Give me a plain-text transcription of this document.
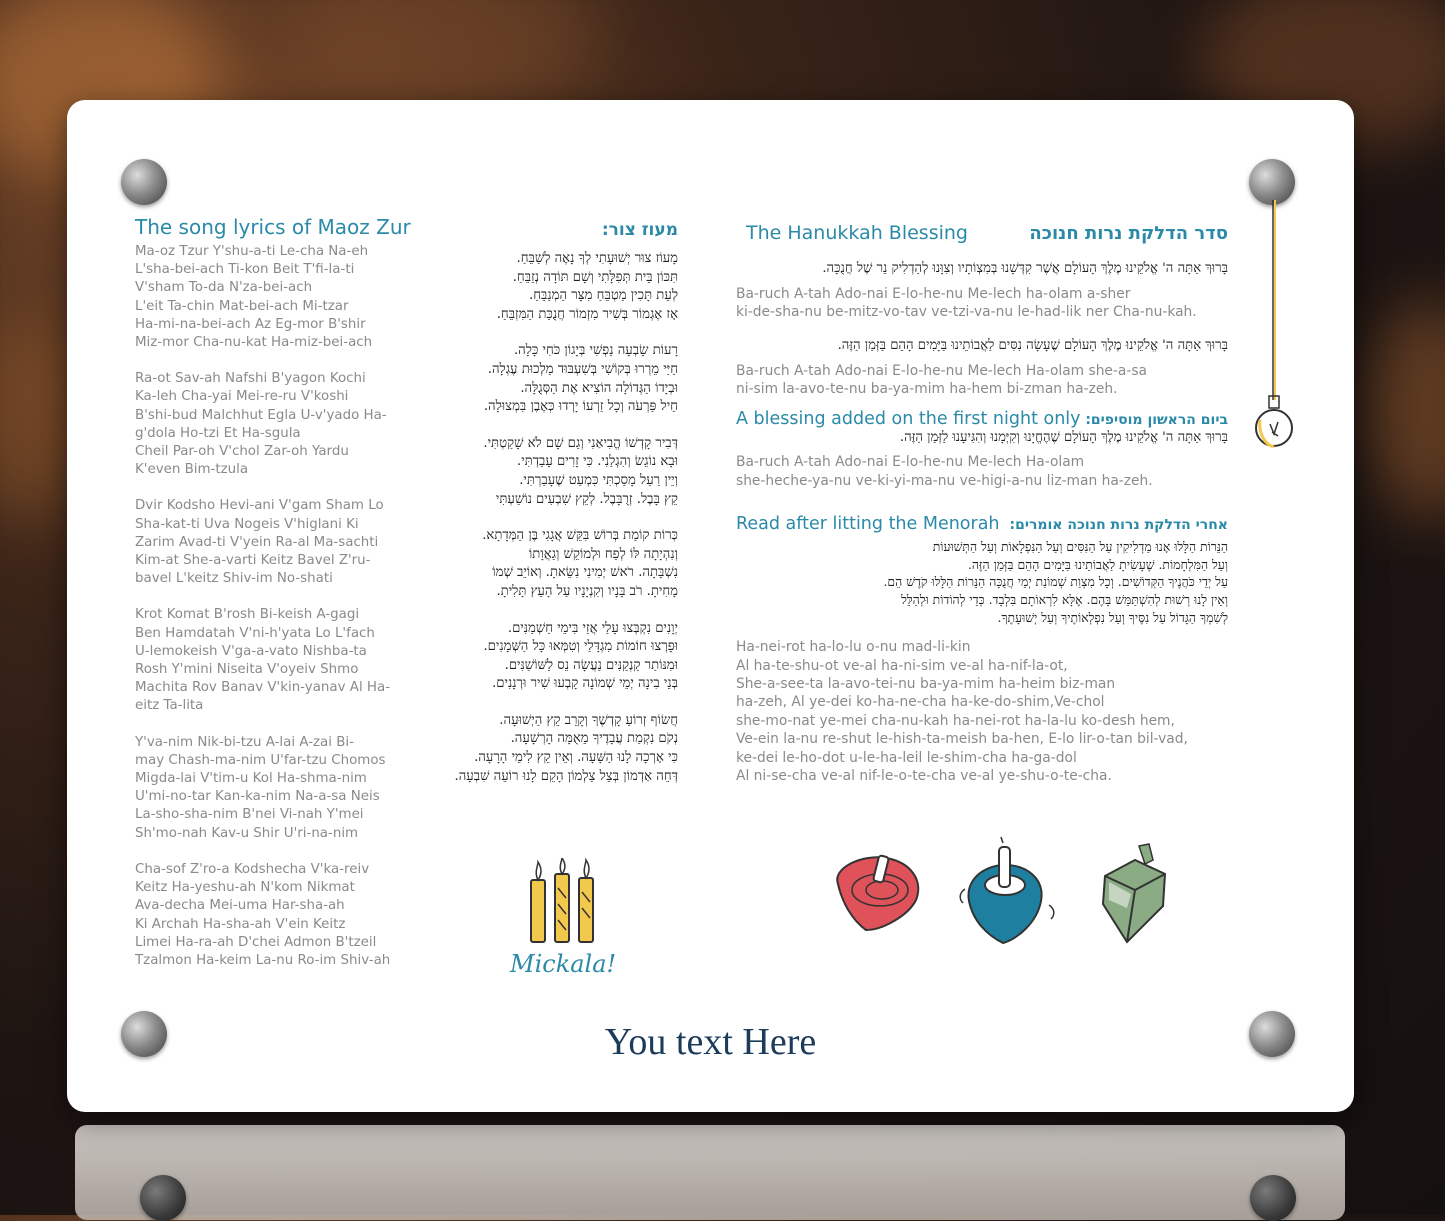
The song lyrics of Maoz Zur
Ma-oz Tzur Y'shu-a-ti Le-cha Na-eh
L'sha-bei-ach Ti-kon Beit T'fi-la-ti
V'sham To-da N'za-bei-ach
L'eit Ta-chin Mat-bei-ach Mi-tzar
Ha-mi-na-bei-ach Az Eg-mor B'shir
Miz-mor Cha-nu-kat Ha-miz-bei-ach
Ra-ot Sav-ah Nafshi B'yagon Kochi
Ka-leh Cha-yai Mei-re-ru V'koshi
B'shi-bud Malchhut Egla U-v'yado Ha-
g'dola Ho-tzi Et Ha-sgula
Cheil Par-oh V'chol Zar-oh Yardu
K'even Bim-tzula
Dvir Kodsho Hevi-ani V'gam Sham Lo
Sha-kat-ti Uva Nogeis V'higlani Ki
Zarim Avad-ti V'yein Ra-al Ma-sachti
Kim-at She-a-varti Keitz Bavel Z'ru-
bavel L'keitz Shiv-im No-shati
Krot Komat B'rosh Bi-keish A-gagi
Ben Hamdatah V'ni-h'yata Lo L'fach
U-lemokeish V'ga-a-vato Nishba-ta
Rosh Y'mini Niseita V'oyeiv Shmo
Machita Rov Banav V'kin-yanav Al Ha-
eitz Ta-lita
Y'va-nim Nik-bi-tzu A-lai A-zai Bi-
may Chash-ma-nim U'far-tzu Chomos
Migda-lai V'tim-u Kol Ha-shma-nim
U'mi-no-tar Kan-ka-nim Na-a-sa Neis
La-sho-sha-nim B'nei Vi-nah Y'mei
Sh'mo-nah Kav-u Shir U'ri-na-nim
Cha-sof Z'ro-a Kodshecha V'ka-reiv
Keitz Ha-yeshu-ah N'kom Nikmat
Ava-decha Mei-uma Har-sha-ah
Ki Archah Ha-sha-ah V'ein Keitz
Limei Ha-ra-ah D'chei Admon B'tzeil
Tzalmon Ha-keim La-nu Ro-im Shiv-ah
מעוז צור:
מָעוֹז צוּר יְשׁוּעָתִי לְךָ נָאֶה לְשַׁבֵּחַ.
תִּכּוֹן בֵּית תְּפִלָּתִי וְשָׁם תּוֹדָה נְזַבֵּחַ.
לְעֵת תָּכִין מַטְבֵּחַ מִצָּר הַמְנַבֵּחַ.
אָז אֶגְמוֹר בְּשִׁיר מִזְמוֹר חֲנֻכַּת הַמִּזְבֵּחַ.
רָעוֹת שָׂבְעָה נַפְשִׁי בְּיָגוֹן כֹּחִי כָּלָה.
חַיַּי מֵרְרוּ בְּקוֹשִׁי בְּשִׁעְבּוּד מַלְכוּת עֶגְלָה.
וּבְיָדוֹ הַגְּדוֹלָה הוֹצִיא אֶת הַסְּגֻלָּה.
חֵיל פַּרְעֹה וְכָל זַרְעוֹ יָרְדוּ כְּאֶבֶן בִּמְצוּלָה.
דְּבִיר קָדְשׁוֹ הֱבִיאַנִי וְגַם שָׁם לֹא שָׁקַטְתִּי.
וּבָא נוֹגֵשׂ וְהִגְלַנִי. כִּי זָרִים עָבַדְתִּי.
וְיֵין רַעַל מָסַכְתִּי כִּמְעַט שֶׁעָבַרְתִּי.
קֵץ בָּבֶל. זְרֻבָּבֶל. לְקֵץ שִׁבְעִים נוֹשַׁעְתִּי
כְּרוֹת קוֹמַת בְּרוֹשׁ בִּקֵּשׁ אֲגָגִי בֶּן הַמְּדָתָא.
וְנִהְיָתָה לּוֹ לְפַח וּלְמוֹקֵשׁ וְגַאֲוָתוֹ
נִשְׁבָּתָה. רֹאשׁ יְמִינִי נִשֵּׂאתָ. וְאוֹיֵב שְׁמוֹ
מָחִיתָ. רֹב בָּנָיו וְקִנְיָנָיו עַל הָעֵץ תָּלִיתָ.
יְוָנִים נִקְבְּצוּ עָלַי אֲזַי בִּימֵי חַשְׁמַנִּים.
וּפָרְצוּ חוֹמוֹת מִגְדָּלַי וְטִמְּאוּ כָּל הַשְּׁמָנִים.
וּמִנּוֹתַר קַנְקַנִּים נַעֲשָׂה נֵס לַשּׁוֹשַׁנִּים.
בְּנֵי בִינָה יְמֵי שְׁמוֹנָה קָבְעוּ שִׁיר וּרְנָנִים.
חֲשׂוֹף זְרוֹעַ קָדְשֶׁךָ וְקָרֵב קֵץ הַיְשׁוּעָה.
נְקֹם נִקְמַת עֲבָדֶיךָ מֵאֻמָּה הָרְשָׁעָה.
כִּי אָרְכָה לָנוּ הַשָּׁעָה. וְאֵין קֵץ לִימֵי הָרָעָה.
דְּחֵה אַדְמוֹן בְּצֵל צַלְמוֹן הָקֵם לָנוּ רוֹעֵה שִׁבְעָה.
Mickala!
The Hanukkah Blessing	סדר הדלקת נרות חנוכה
בָּרוּךְ אַתָּה ה' אֱלֹקֵינוּ מֶלֶךְ הָעוֹלָם אֲשֶׁר קִדְּשָׁנוּ בְּמִצְוֹתָיו וְצִוָּנוּ לְהַדְלִיק נֵר שֶׁל חֲנֻכָּה.
Ba-ruch A-tah Ado-nai E-lo-he-nu Me-lech ha-olam a-sher
ki-de-sha-nu be-mitz-vo-tav ve-tzi-va-nu le-had-lik ner Cha-nu-kah.
בָּרוּךְ אַתָּה ה' אֱלֹקֵינוּ מֶלֶךְ הָעוֹלָם שֶׁעָשָׂה נִסִּים לַאֲבוֹתֵינוּ בַּיָּמִים הָהֵם בַּזְּמַן הַזֶּה.
Ba-ruch A-tah Ado-nai E-lo-he-nu Me-lech Ha-olam she-a-sa
ni-sim la-avo-te-nu ba-ya-mim ha-hem bi-zman ha-zeh.
A blessing added on the first night only ביום הראשון מוסיפים:
בָּרוּךְ אַתָּה ה' אֱלֹקֵינוּ מֶלֶךְ הָעוֹלָם שֶׁהֶחֱיָנוּ וְקִיְּמָנוּ וְהִגִּיעָנוּ לַזְּמַן הַזֶּה.
Ba-ruch A-tah Ado-nai E-lo-he-nu Me-lech Ha-olam
she-heche-ya-nu ve-ki-yi-ma-nu ve-higi-a-nu liz-man ha-zeh.
Read after litting the Menorah אחרי הדלקת נרות חנוכה אומרים:
הַנֵּרוֹת הַלָּלוּ אָנוּ מַדְלִיקִין עַל הַנִּסִּים וְעַל הַנִּפְלָאוֹת וְעַל הַתְּשׁוּעוֹת
וְעַל הַמִּלְחָמוֹת. שֶׁעָשִׂיתָ לַאֲבוֹתֵינוּ בַּיָּמִים הָהֵם בַּזְּמַן הַזֶּה.
עַל יְדֵי כֹּהֲנֶיךָ הַקְּדוֹשִׁים. וְכָל מִצְוַת שְׁמוֹנַת יְמֵי חֲנֻכָּה הַנֵּרוֹת הַלָּלוּ קֹדֶשׁ הֵם.
וְאֵין לָנוּ רְשׁוּת לְהִשְׁתַּמֵּשׁ בָּהֶם. אֶלָּא לִרְאוֹתָם בִּלְבָד. כְּדֵי לְהוֹדוֹת וּלְהַלֵּל
לְשִׁמְךָ הַגָּדוֹל עַל נִסֶּיךָ וְעַל נִפְלְאוֹתֶיךָ וְעַל יְשׁוּעָתֶךָ.
Ha-nei-rot ha-lo-lu o-nu mad-li-kin
Al ha-te-shu-ot ve-al ha-ni-sim ve-al ha-nif-la-ot,
She-a-see-ta la-avo-tei-nu ba-ya-mim ha-heim biz-man
ha-zeh, Al ye-dei ko-ha-ne-cha ha-ke-do-shim,Ve-chol
she-mo-nat ye-mei cha-nu-kah ha-nei-rot ha-la-lu ko-desh hem,
Ve-ein la-nu re-shut le-hish-ta-meish ba-hen, E-lo lir-o-tan bil-vad,
ke-dei le-ho-dot u-le-ha-leil le-shim-cha ha-ga-dol
Al ni-se-cha ve-al nif-le-o-te-cha ve-al ye-shu-o-te-cha.
You text Here
